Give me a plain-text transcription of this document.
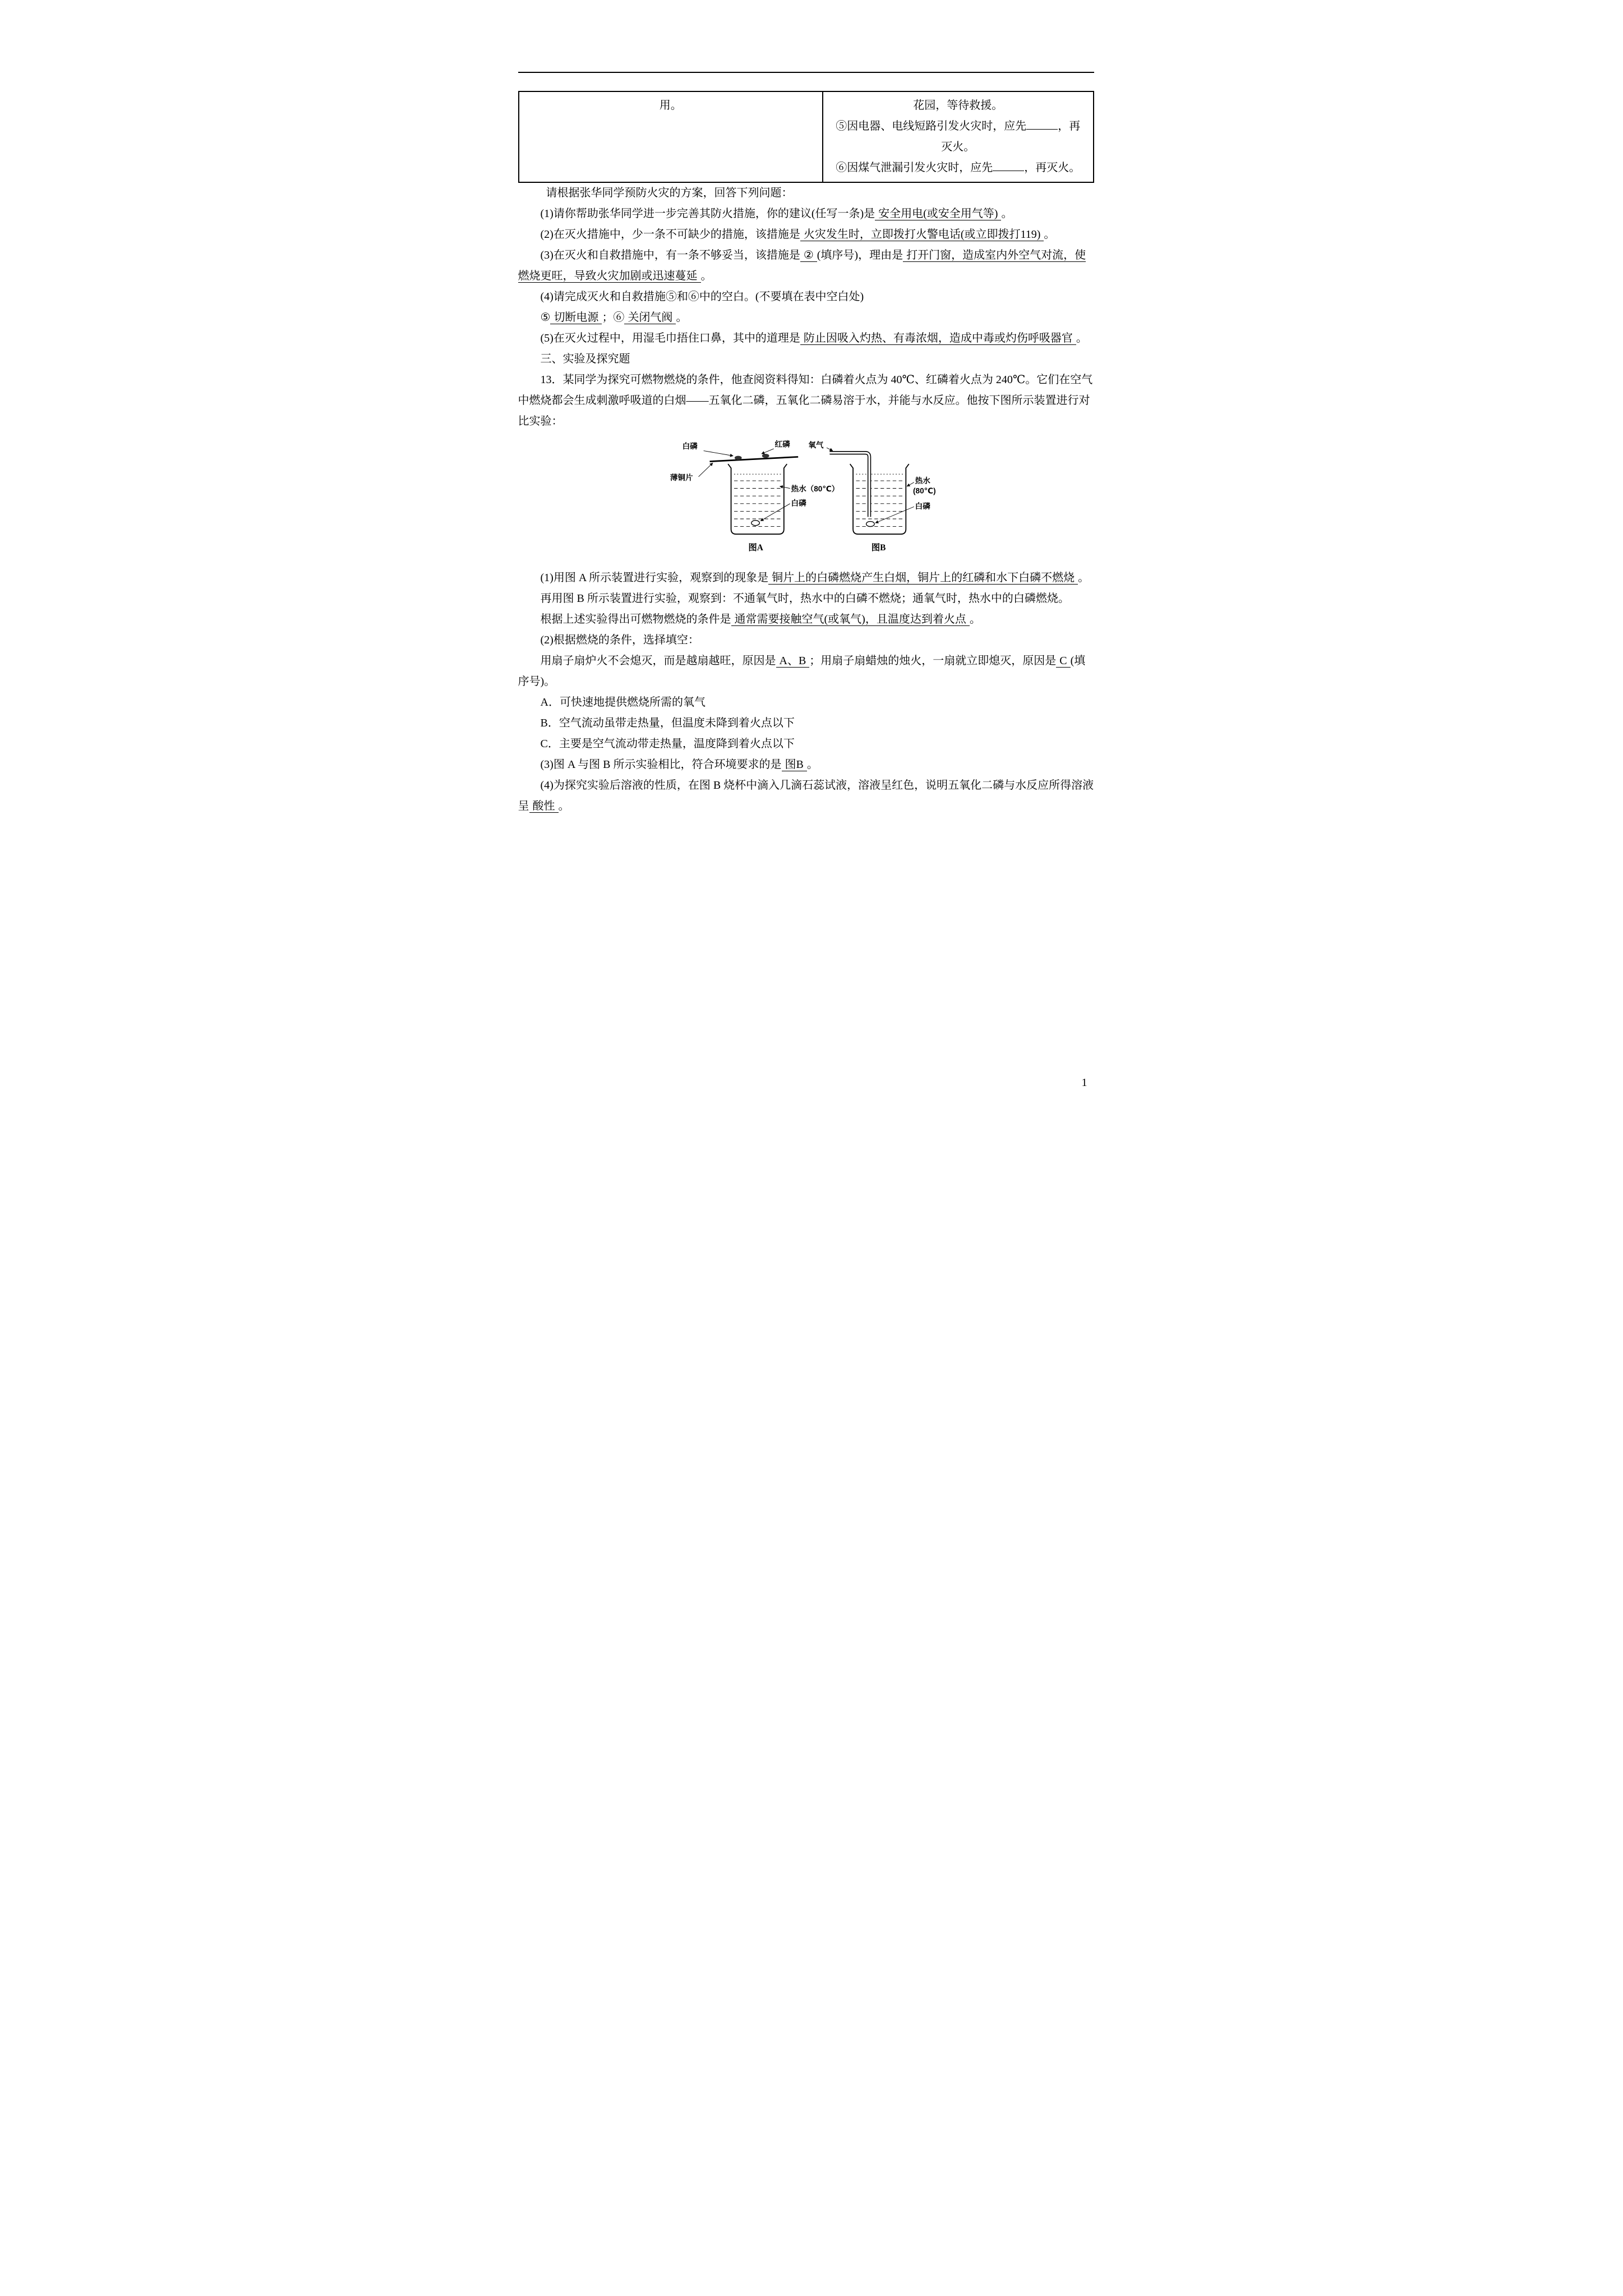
用。	花园，等待救援。
⑤因电器、电线短路引发火灾时，应先	，再灭火。
⑥因煤气泄漏引发火灾时，应先	，再灭火。

请根据张华同学预防火灾的方案，回答下列问题：

(1)请你帮助张华同学进一步完善其防火措施，你的建议(任写一条)是 安全用电(或安全用气等) 。

(2)在灭火措施中，少一条不可缺少的措施，该措施是 火灾发生时，立即拨打火警电话(或立即拨打119) 。

(3)在灭火和自救措施中，有一条不够妥当，该措施是 ② (填序号)，理由是 打开门窗，造成室内外空气对流，使燃烧更旺，导致火灾加剧或迅速蔓延 。

(4)请完成灭火和自救措施⑤和⑥中的空白。(不要填在表中空白处)

⑤ 切断电源 ；⑥ 关闭气阀 。

(5)在灭火过程中，用湿毛巾捂住口鼻，其中的道理是 防止因吸入灼热、有毒浓烟，造成中毒或灼伤呼吸器官 。

三、实验及探究题

13．某同学为探究可燃物燃烧的条件，他查阅资料得知：白磷着火点为 40℃、红磷着火点为 240℃。它们在空气中燃烧都会生成刺激呼吸道的白烟——五氧化二磷，五氧化二磷易溶于水，并能与水反应。他按下图所示装置进行对比实验：

白磷	红磷
薄铜片
热水（80℃）
白磷
氧气
热水
(80℃)
白磷
图A	图B

(1)用图 A 所示装置进行实验，观察到的现象是 铜片上的白磷燃烧产生白烟，铜片上的红磷和水下白磷不燃烧 。

再用图 B 所示装置进行实验，观察到：不通氧气时，热水中的白磷不燃烧；通氧气时，热水中的白磷燃烧。

根据上述实验得出可燃物燃烧的条件是 通常需要接触空气(或氧气)，且温度达到着火点 。

(2)根据燃烧的条件，选择填空：

用扇子扇炉火不会熄灭，而是越扇越旺，原因是 A、B ；用扇子扇蜡烛的烛火，一扇就立即熄灭，原因是 C (填序号)。

A．可快速地提供燃烧所需的氧气

B．空气流动虽带走热量，但温度未降到着火点以下

C．主要是空气流动带走热量，温度降到着火点以下

(3)图 A 与图 B 所示实验相比，符合环境要求的是 图B 。

(4)为探究实验后溶液的性质，在图 B 烧杯中滴入几滴石蕊试液，溶液呈红色，说明五氧化二磷与水反应所得溶液呈 酸性 。

1
